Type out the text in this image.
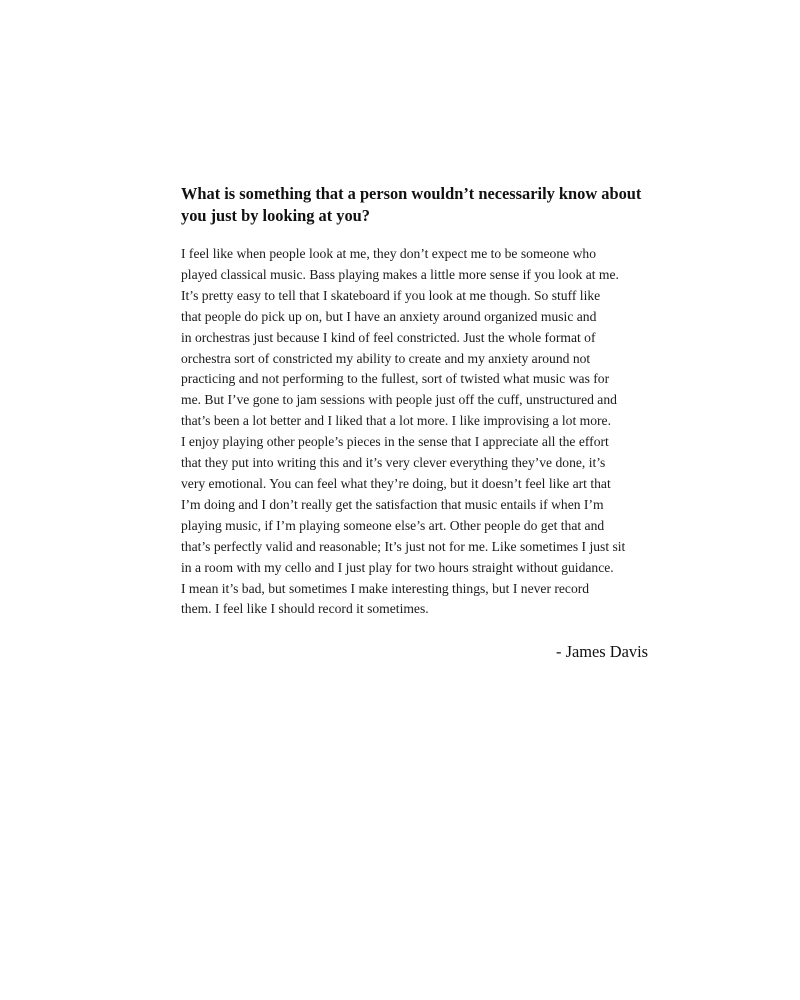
What is something that a person wouldn’t necessarily know about
you just by looking at you?

I feel like when people look at me, they don’t expect me to be someone who
played classical music. Bass playing makes a little more sense if you look at me.
It’s pretty easy to tell that I skateboard if you look at me though. So stuff like
that people do pick up on, but I have an anxiety around organized music and
in orchestras just because I kind of feel constricted. Just the whole format of
orchestra sort of constricted my ability to create and my anxiety around not
practicing and not performing to the fullest, sort of twisted what music was for
me. But I’ve gone to jam sessions with people just off the cuff, unstructured and
that’s been a lot better and I liked that a lot more. I like improvising a lot more.
I enjoy playing other people’s pieces in the sense that I appreciate all the effort
that they put into writing this and it’s very clever everything they’ve done, it’s
very emotional. You can feel what they’re doing, but it doesn’t feel like art that
I’m doing and I don’t really get the satisfaction that music entails if when I’m
playing music, if I’m playing someone else’s art. Other people do get that and
that’s perfectly valid and reasonable; It’s just not for me. Like sometimes I just sit
in a room with my cello and I just play for two hours straight without guidance.
I mean it’s bad, but sometimes I make interesting things, but I never record
them. I feel like I should record it sometimes.

- James Davis
